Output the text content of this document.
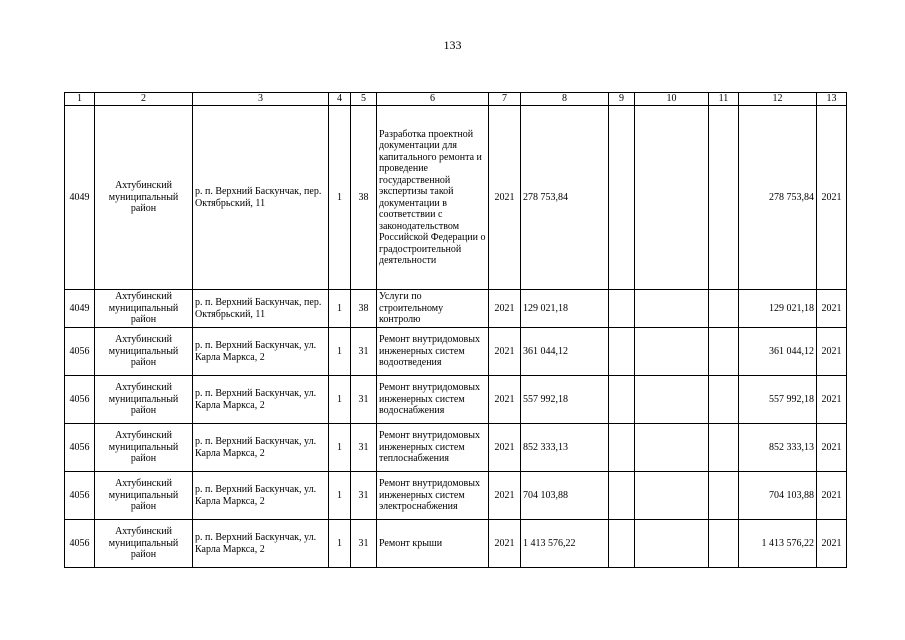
133
1	2	3	4	5	6	7	8	9	10	11	12	13
4049	Ахтубинский муниципальный район	р. п. Верхний Баскунчак, пер. Октябрьский, 11	1	38	Разработка проектной документации для капитального ремонта и проведение государственной экспертизы такой документации в соответствии с законодательством Российской Федерации о градостроительной деятельности	2021	278 753,84				278 753,84	2021
4049	Ахтубинский муниципальный район	р. п. Верхний Баскунчак, пер. Октябрьский, 11	1	38	Услуги по строительному контролю	2021	129 021,18				129 021,18	2021
4056	Ахтубинский муниципальный район	р. п. Верхний Баскунчак, ул. Карла Маркса, 2	1	31	Ремонт внутридомовых инженерных систем водоотведения	2021	361 044,12				361 044,12	2021
4056	Ахтубинский муниципальный район	р. п. Верхний Баскунчак, ул. Карла Маркса, 2	1	31	Ремонт внутридомовых инженерных систем водоснабжения	2021	557 992,18				557 992,18	2021
4056	Ахтубинский муниципальный район	р. п. Верхний Баскунчак, ул. Карла Маркса, 2	1	31	Ремонт внутридомовых инженерных систем теплоснабжения	2021	852 333,13				852 333,13	2021
4056	Ахтубинский муниципальный район	р. п. Верхний Баскунчак, ул. Карла Маркса, 2	1	31	Ремонт внутридомовых инженерных систем электроснабжения	2021	704 103,88				704 103,88	2021
4056	Ахтубинский муниципальный район	р. п. Верхний Баскунчак, ул. Карла Маркса, 2	1	31	Ремонт крыши	2021	1 413 576,22				1 413 576,22	2021
